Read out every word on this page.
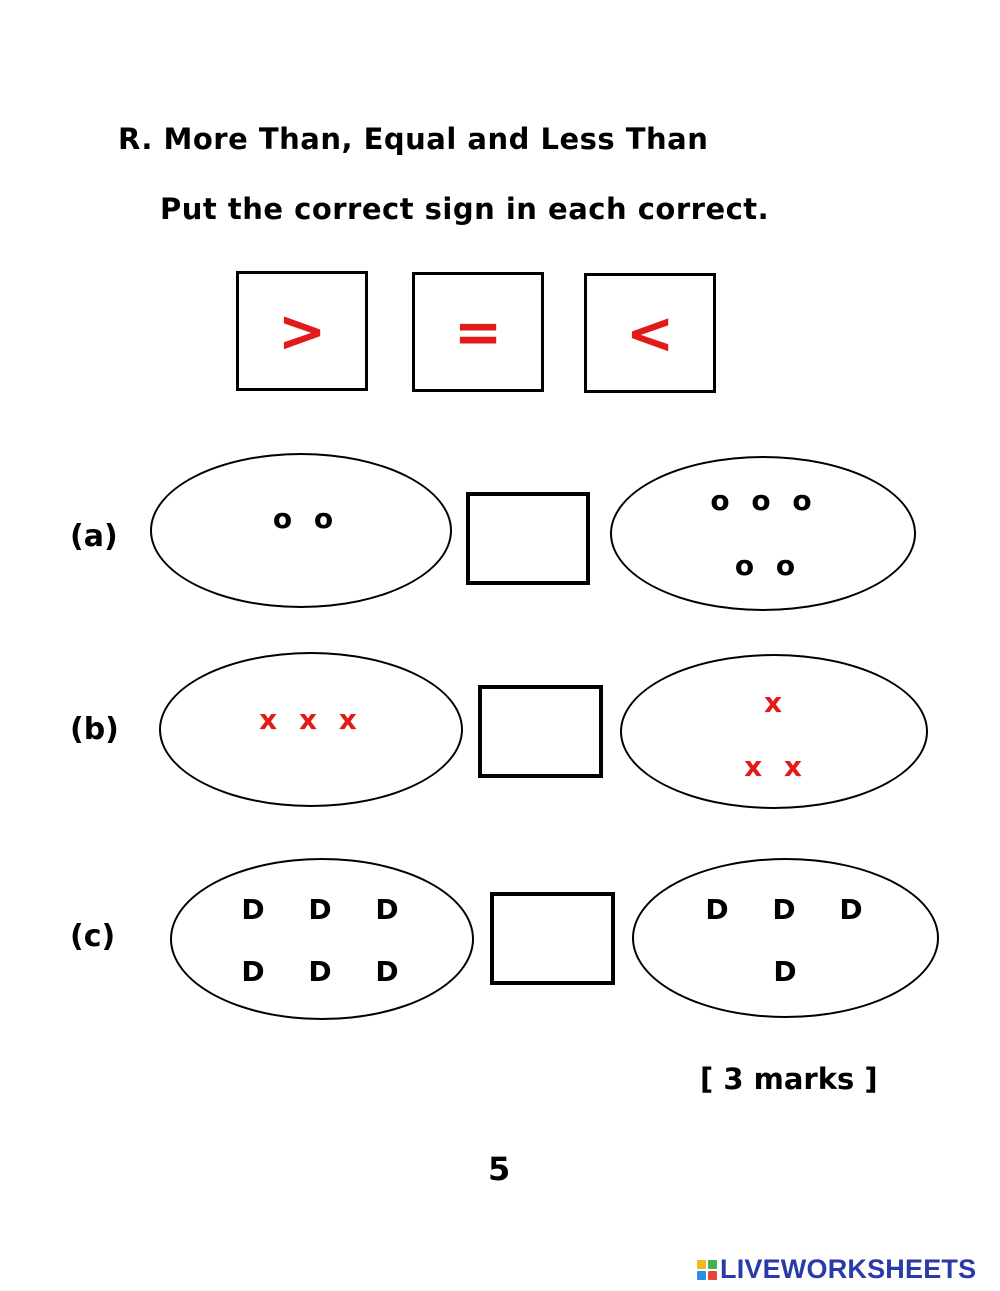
R. More Than, Equal and Less Than
Put the correct sign in each correct.
> = <
(a)
o o
o o o
o o
(b)	x x x
x
x x
(c)
D D D
D D D
D D D
D
[ 3 marks ]
5
LIVEWORKSHEETS
